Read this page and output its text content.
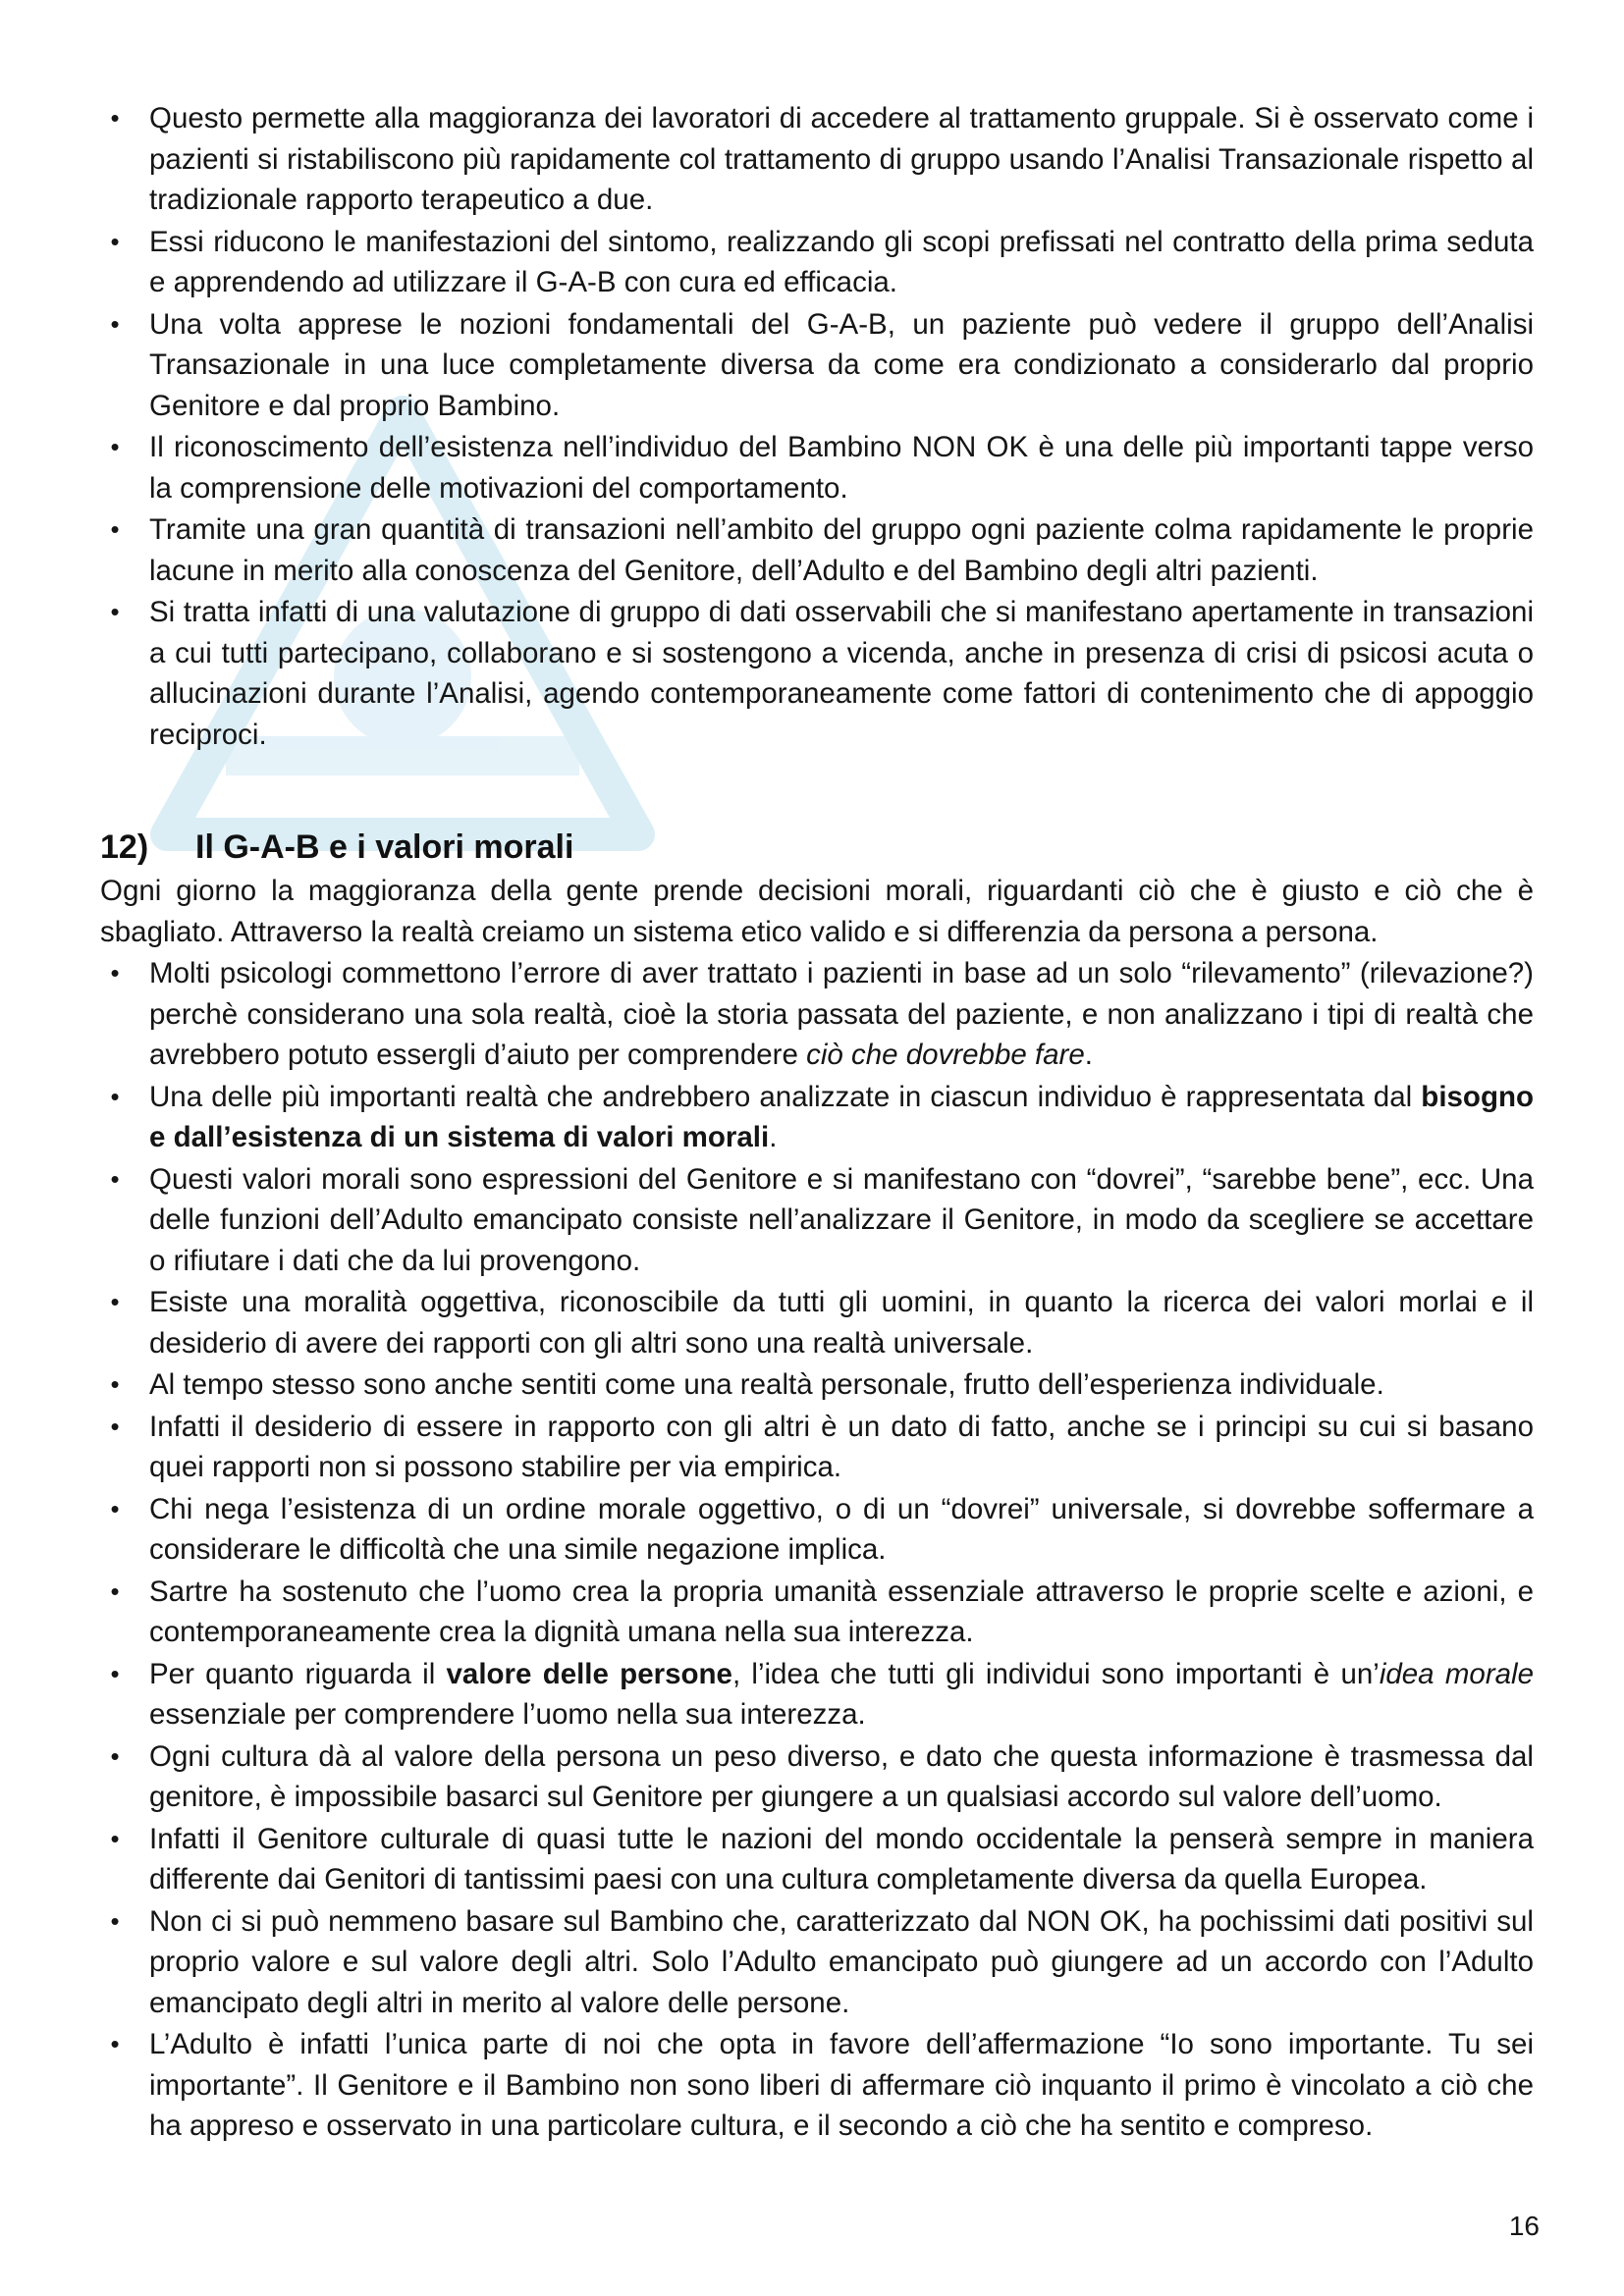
•	Questo permette alla maggioranza dei lavoratori di accedere al trattamento gruppale. Si è osservato come i pazienti si ristabiliscono più rapidamente col trattamento di gruppo usando l’Analisi Transazionale rispetto al tradizionale rapporto terapeutico a due.
•	Essi riducono le manifestazioni del sintomo, realizzando gli scopi prefissati nel contratto della prima seduta e apprendendo ad utilizzare il G-A-B con cura ed efficacia.
•	Una volta apprese le nozioni fondamentali del G-A-B, un paziente può vedere il gruppo dell’Analisi Transazionale in una luce completamente diversa da come era condizionato a considerarlo dal proprio Genitore e dal proprio Bambino.
•	Il riconoscimento dell’esistenza nell’individuo del Bambino NON OK è una delle più importanti tappe verso la comprensione delle motivazioni del comportamento.
•	Tramite una gran quantità di transazioni nell’ambito del gruppo ogni paziente colma rapidamente le proprie lacune in merito alla conoscenza del Genitore, dell’Adulto e del Bambino degli altri pazienti.
•	Si tratta infatti di una valutazione di gruppo di dati osservabili che si manifestano apertamente in transazioni a cui tutti partecipano, collaborano e si sostengono a vicenda, anche in presenza di crisi di psicosi acuta o allucinazioni durante l’Analisi, agendo contemporaneamente come fattori di contenimento che di appoggio reciproci.
12) Il G-A-B e i valori morali

Ogni giorno la maggioranza della gente prende decisioni morali, riguardanti ciò che è giusto e ciò che è sbagliato. Attraverso la realtà creiamo un sistema etico valido e si differenzia da persona a persona.

•	Molti psicologi commettono l’errore di aver trattato i pazienti in base ad un solo “rilevamento” (rilevazione?) perchè considerano una sola realtà, cioè la storia passata del paziente, e non analizzano i tipi di realtà che avrebbero potuto essergli d’aiuto per comprendere ciò che dovrebbe fare.
•	Una delle più importanti realtà che andrebbero analizzate in ciascun individuo è rappresentata dal bisogno e dall’esistenza di un sistema di valori morali.
•	Questi valori morali sono espressioni del Genitore e si manifestano con “dovrei”, “sarebbe bene”, ecc. Una delle funzioni dell’Adulto emancipato consiste nell’analizzare il Genitore, in modo da scegliere se accettare o rifiutare i dati che da lui provengono.
•	Esiste una moralità oggettiva, riconoscibile da tutti gli uomini, in quanto la ricerca dei valori morlai e il desiderio di avere dei rapporti con gli altri sono una realtà universale.
•	Al tempo stesso sono anche sentiti come una realtà personale, frutto dell’esperienza individuale.
•	Infatti il desiderio di essere in rapporto con gli altri è un dato di fatto, anche se i principi su cui si basano quei rapporti non si possono stabilire per via empirica.
•	Chi nega l’esistenza di un ordine morale oggettivo, o di un “dovrei” universale, si dovrebbe soffermare a considerare le difficoltà che una simile negazione implica.
•	Sartre ha sostenuto che l’uomo crea la propria umanità essenziale attraverso le proprie scelte e azioni, e contemporaneamente crea la dignità umana nella sua interezza.
•	Per quanto riguarda il valore delle persone, l’idea che tutti gli individui sono importanti è un’idea morale essenziale per comprendere l’uomo nella sua interezza.
•	Ogni cultura dà al valore della persona un peso diverso, e dato che questa informazione è trasmessa dal genitore, è impossibile basarci sul Genitore per giungere a un qualsiasi accordo sul valore dell’uomo.
•	Infatti il Genitore culturale di quasi tutte le nazioni del mondo occidentale la penserà sempre in maniera differente dai Genitori di tantissimi paesi con una cultura completamente diversa da quella Europea.
•	Non ci si può nemmeno basare sul Bambino che, caratterizzato dal NON OK, ha pochissimi dati positivi sul proprio valore e sul valore degli altri. Solo l’Adulto emancipato può giungere ad un accordo con l’Adulto emancipato degli altri in merito al valore delle persone.
•	L’Adulto è infatti l’unica parte di noi che opta in favore dell’affermazione “Io sono importante. Tu sei importante”. Il Genitore e il Bambino non sono liberi di affermare ciò inquanto il primo è vincolato a ciò che ha appreso e osservato in una particolare cultura, e il secondo a ciò che ha sentito e compreso.
16
